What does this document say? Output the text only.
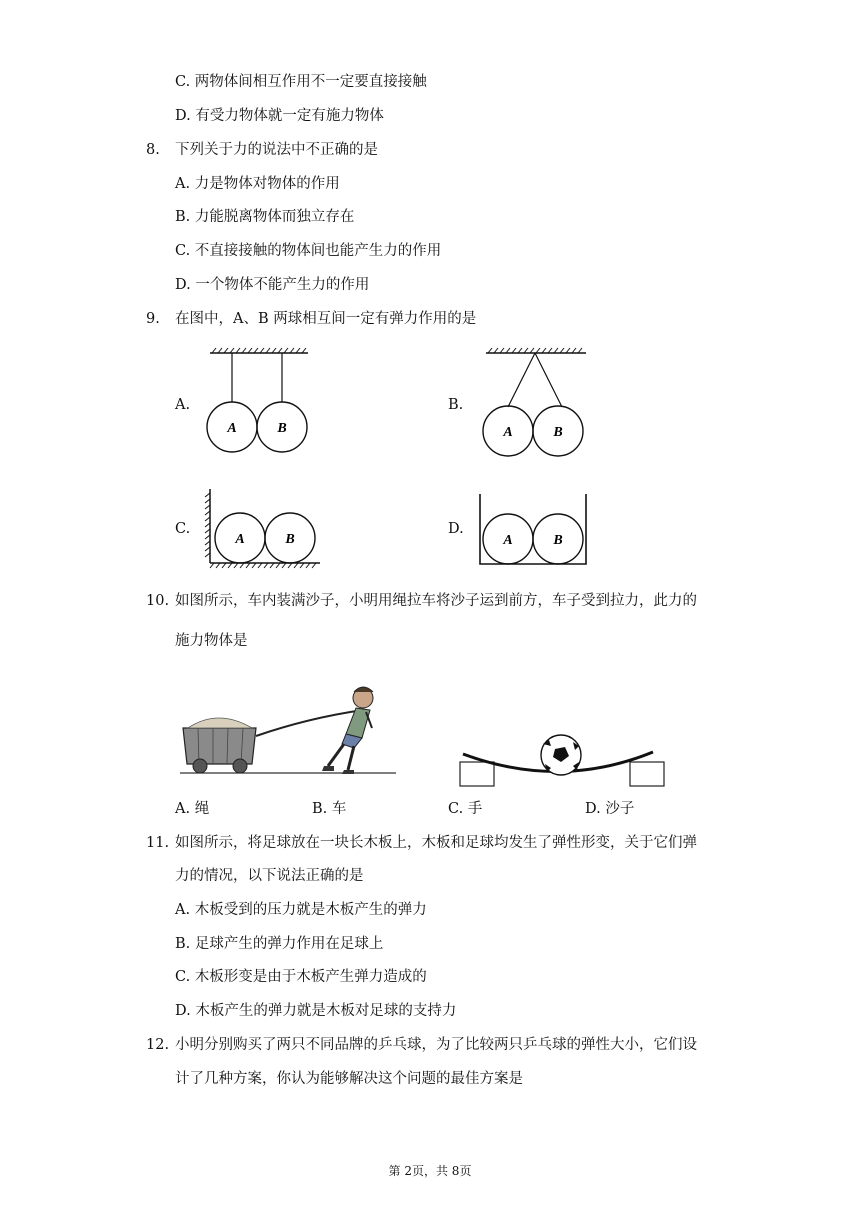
C. 两物体间相互作用不一定要直接接触
D. 有受力物体就一定有施力物体
8. 下列关于力的说法中不正确的是
A. 力是物体对物体的作用
B. 力能脱离物体而独立存在
C. 不直接接触的物体间也能产生力的作用
D. 一个物体不能产生力的作用
9. 在图中，A、B 两球相互间一定有弹力作用的是
A.
A	B
B.
A	B
C.
A	B
D.
A	B
10. 如图所示，车内装满沙子，小明用绳拉车将沙子运到前方，车子受到拉力，此力的
施力物体是
A. 绳	B. 车	C. 手	D. 沙子
11. 如图所示，将足球放在一块长木板上，木板和足球均发生了弹性形变，关于它们弹
力的情况，以下说法正确的是
A. 木板受到的压力就是木板产生的弹力
B. 足球产生的弹力作用在足球上
C. 木板形变是由于木板产生弹力造成的
D. 木板产生的弹力就是木板对足球的支持力
12. 小明分别购买了两只不同品牌的乒乓球，为了比较两只乒乓球的弹性大小，它们设
计了几种方案，你认为能够解决这个问题的最佳方案是
第 2页，共 8页
